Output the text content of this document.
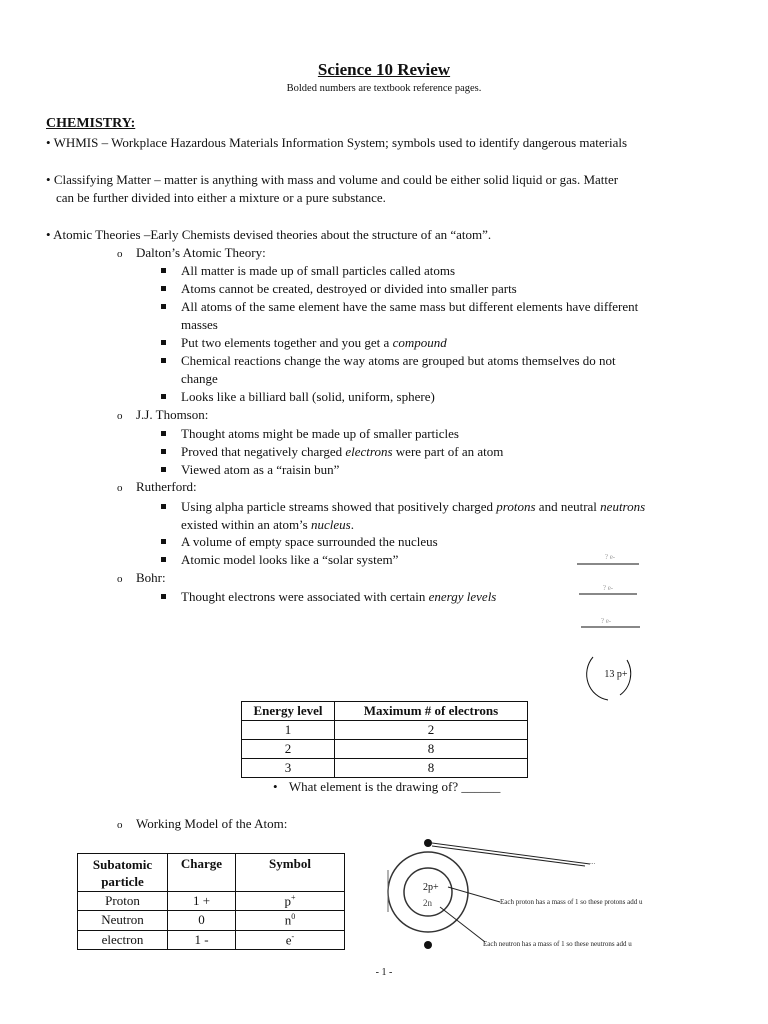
Science 10 Review
Bolded numbers are textbook reference pages.
CHEMISTRY:
• WHMIS – Workplace Hazardous Materials Information System; symbols used to identify dangerous materials
• Classifying Matter – matter is anything with mass and volume and could be either solid liquid or gas. Matter
can be further divided into either a mixture or a pure substance.
• Atomic Theories –Early Chemists devised theories about the structure of an “atom”.
o Dalton’s Atomic Theory:
All matter is made up of small particles called atoms
Atoms cannot be created, destroyed or divided into smaller parts
All atoms of the same element have the same mass but different elements have different
masses
Put two elements together and you get a compound
Chemical reactions change the way atoms are grouped but atoms themselves do not
change
Looks like a billiard ball (solid, uniform, sphere)
o J.J. Thomson:
Thought atoms might be made up of smaller particles
Proved that negatively charged electrons were part of an atom
Viewed atom as a “raisin bun”
o Rutherford:
Using alpha particle streams showed that positively charged protons and neutral neutrons
existed within an atom’s nucleus.
A volume of empty space surrounded the nucleus
Atomic model looks like a “solar system”
o Bohr:
Thought electrons were associated with certain energy levels
? e-
? e-
? e-
13 p+
Energy level	Maximum # of electrons
1	2
2	8
3	8
• What element is the drawing of? ______
o Working Model of the Atom:
Subatomic particle	Charge	Symbol
Proton	1 +	p+
Neutron	0	$n^0$
electron	1 -	e-
2p+
2n
...
Each proton has a mass of 1 so these protons add u
Each neutron has a mass of 1 so these neutrons add u
- 1 -
